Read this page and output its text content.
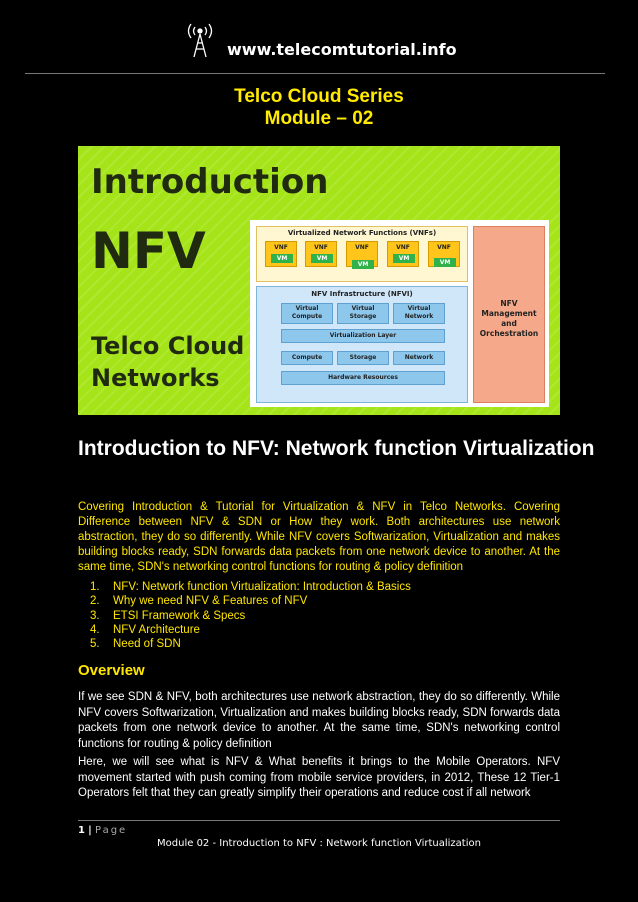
www.telecomtutorial.info
Telco Cloud Series
Module – 02
Introduction
NFV
Telco Cloud
Networks
Virtualized Network Functions (VNFs)
VNF
VM
VNF
VM
VNF
VM
VNF
VM
VNF
VM
NFV Infrastructure (NFVI)
Virtual Compute
Virtual Storage
Virtual Network
Virtualization Layer
Compute	Storage	Network
Hardware Resources
NFV Management and Orchestration
Introduction to NFV: Network function Virtualization

Covering Introduction & Tutorial for Virtualization & NFV in Telco Networks. Covering Difference between NFV & SDN or How they work. Both architectures use network abstraction, they do so differently. While NFV covers Softwarization, Virtualization and makes building blocks ready, SDN forwards data packets from one network device to another. At the same time, SDN's networking control functions for routing & policy definition

1. NFV: Network function Virtualization: Introduction & Basics
2. Why we need NFV & Features of NFV
3. ETSI Framework & Specs
4. NFV Architecture
5. Need of SDN
Overview

If we see SDN & NFV, both architectures use network abstraction, they do so differently. While NFV covers Softwarization, Virtualization and makes building blocks ready, SDN forwards data packets from one network device to another. At the same time, SDN's networking control functions for routing & policy definition

Here, we will see what is NFV & What benefits it brings to the Mobile Operators. NFV movement started with push coming from mobile service providers, in 2012, These 12 Tier-1 Operators felt that they can greatly simplify their operations and reduce cost if all network

1 | Page
Module 02 - Introduction to NFV : Network function Virtualization
